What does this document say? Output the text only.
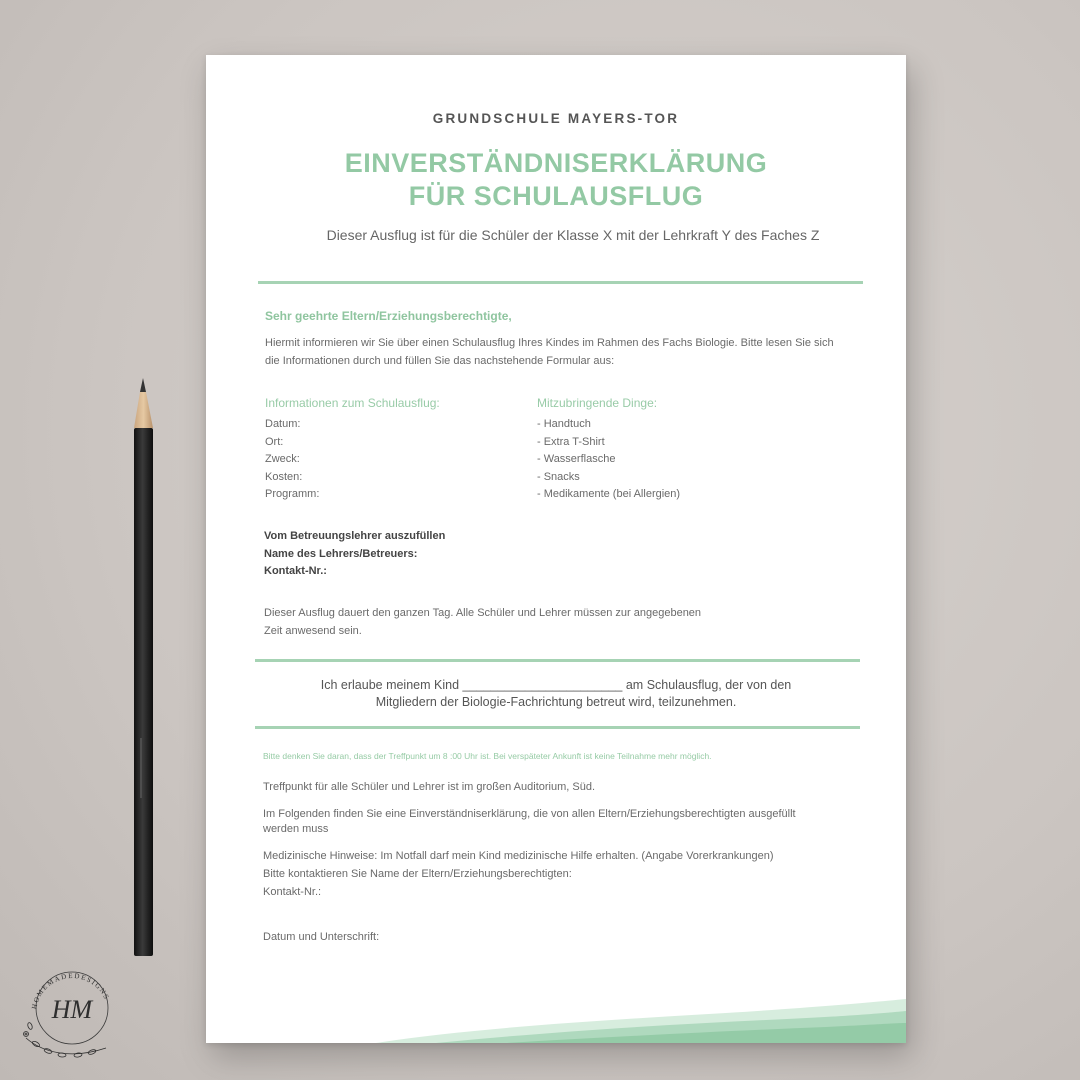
GRUNDSCHULE MAYERS-TOR
EINVERSTÄNDNISERKLÄRUNG
FÜR SCHULAUSFLUG
Dieser Ausflug ist für die Schüler der Klasse X mit der Lehrkraft Y des Faches Z
Sehr geehrte Eltern/Erziehungsberechtigte,
Hiermit informieren wir Sie über einen Schulausflug Ihres Kindes im Rahmen des Fachs Biologie. Bitte lesen Sie sich die Informationen durch und füllen Sie das nachstehende Formular aus:
Informationen zum Schulausflug:
Datum:
Ort:
Zweck:
Kosten:
Programm:
Mitzubringende Dinge:
- Handtuch
- Extra T-Shirt
- Wasserflasche
- Snacks
- Medikamente (bei Allergien)
Vom Betreuungslehrer auszufüllen
Name des Lehrers/Betreuers:
Kontakt-Nr.:
Dieser Ausflug dauert den ganzen Tag. Alle Schüler und Lehrer müssen zur angegebenen Zeit anwesend sein.
Ich erlaube meinem Kind _______________________ am Schulausflug, der von den
Mitgliedern der Biologie-Fachrichtung betreut wird, teilzunehmen.
Bitte denken Sie daran, dass der Treffpunkt um 8 :00 Uhr ist. Bei verspäteter Ankunft ist keine Teilnahme mehr möglich.
Treffpunkt für alle Schüler und Lehrer ist im großen Auditorium, Süd.
Im Folgenden finden Sie eine Einverständniserklärung, die von allen Eltern/Erziehungsberechtigten ausgefüllt werden muss
Medizinische Hinweise: Im Notfall darf mein Kind medizinische Hilfe erhalten. (Angabe Vorerkrankungen)
Bitte kontaktieren Sie Name der Eltern/Erziehungsberechtigten:
Kontakt-Nr.:
Datum und Unterschrift:
HOMEMADEDESIGNS
HM
